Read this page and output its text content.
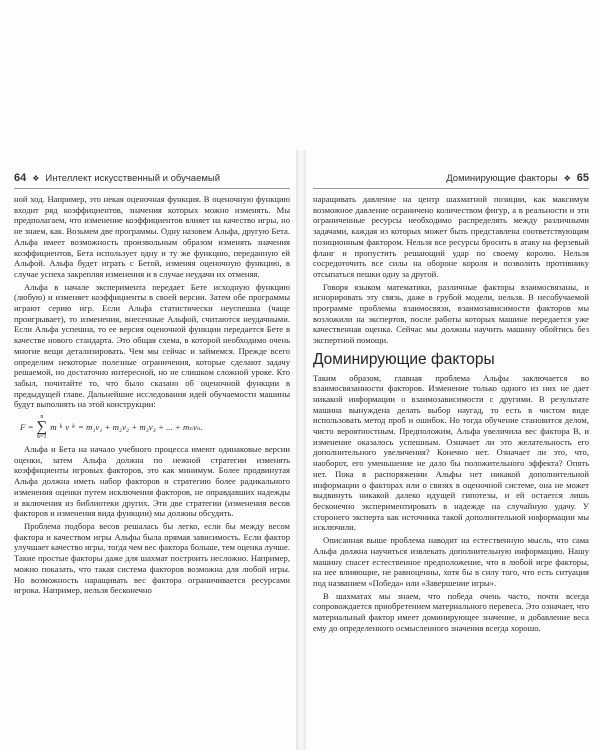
64 ❖ Интеллект искусственный и обучаемый

ной ход. Например, это некая оценочная функция. В оценочную функцию входит ряд коэффициентов, значения которых можно изменять. Мы предполагаем, что изменение коэффициентов влияет на качество игры, но не знаем, как. Возьмем две программы. Одну назовем Альфа, другую Бета. Альфа имеет возможность произвольным образом изменять значения коэффициентов, Бета использует одну и ту же функцию, переданную ей Альфой. Альфа будет играть с Бетой, изменяя оценочную функцию, в случае успеха закрепляя изменения и в случае неудачи их отменяя.

Альфа в начале эксперимента передает Бете исходную функцию (любую) и изменяет коэффициенты в своей версии. Затем обе программы играют серию игр. Если Альфа статистически неуспешна (чаще проигрывает), то изменения, внесенные Альфой, считаются неудачными. Если Альфа успешна, то ее версия оценочной функции передается Бете в качестве нового стандарта. Это общая схема, в которой необходимо очень многие вещи детализировать. Чем мы сейчас и займемся. Прежде всего определим некоторые полезные ограничения, которые сделают задачу решаемой, но достаточно интересной, но не слишком сложной уроке. Кто забыл, почитайте то, что было сказано об оценочной функции в предыдущей главе. Дальнейшие исследования идей обучаемости машины будут выполнять на этой конструкции:

F =
n
∑
k=1
m k v k = m₁v₁ + m₂v₂ + m₃v₃ + ... + mₙvₙ.

Альфа и Бета на начало учебного процесса имеют одинаковые версии оценки, затем Альфа должна по нежной стратегии изменять коэффициенты игровых факторов, это как минимум. Более продвинутая Альфа должна иметь набор факторов и стратегию более радикального изменения оценки путем исключения факторов, не оправдавших надежды и включения из библиотеки других. Эти две стратегии (изменения весов факторов и изменения вида функции) мы должны обсудить.

Проблема подбора весов решалась бы легко, если бы между весом фактора и качеством игры Альфы была прямая зависимость. Если фактор улучшает качество игры, тогда чем вес фактора больше, тем оценка лучше. Такие простые факторы даже для шахмат построить несложно. Например, можно показать, что такая система факторов возможна для любой игры. Но возможность наращивать вес фактора ограничивается ресурсами игрока. Например, нельзя бесконечно

Доминирующие факторы ❖ 65

наращивать давление на центр шахматной позиции, как максимум возможное давление ограничено количеством фигур, а в реальности и эти ограниченные ресурсы необходимо распределять между различными задачами, каждая из которых может быть представлена соответствующим позиционным фактором. Нельзя все ресурсы бросить в атаку на ферзевый фланг и пропустить решающий удар по своему королю. Нельзя сосредоточить все силы на обороне короля и позволить противнику отсыпаться пешки одну за другой.

Говоря языком математики, различные факторы взаимосвязаны, и игнорировать эту связь, даже в грубой модели, нельзя. В несобучаемой программе проблемы взаимосвязи, взаимозависимости факторов мы возложили на экспертов, после работы которых машине передается уже качественная оценка. Сейчас мы должны научить машину обойтись без экспертной помощи.

Доминирующие факторы

Таким образом, главная проблема Альфы заключается во взаимосвязанности факторов. Изменение только одного из них не дает никакой информации о взаимозависимости с другими. В результате машина вынуждена делать выбор наугад, то есть в чистом виде использовать метод проб и ошибок. Но тогда обучение становится делом, чисто вероятностным. Предположим, Альфа увеличила вес фактора В, и изменение оказалось успешным. Означает ли это желательность его дополнительного увеличения? Конечно нет. Означает ли это, что, наоборот, его уменьшение не дало бы положительного эффекта? Опять нет. Пока в распоряжении Альфы нет никакой дополнительной информации о факторах или о связях в оценочной системе, она не может выдвинуть никакой далеко идущей гипотезы, и ей остается лишь бесконечно экспериментировать в надежде на случайную удачу. У сторонего эксперта как источника такой дополнительной информации мы исключили.

Описанная выше проблема наводит на естественную мысль, что сама Альфа должна научиться извлекать дополнительную информацию. Нашу машину спасет естественное предположение, что в любой игре факторы, на нее влияющие, не равноценны, хотя бы в силу того, что есть ситуация под названием «Победа» или «Завершение игры».

В шахматах мы знаем, что победа очень часто, почти всегда сопровождается приобретением материального перевеса. Это означает, что материальный фактор имеет доминирующее значение, и добавление веса ему до определенного осмысленного значения всегда хорошо.
